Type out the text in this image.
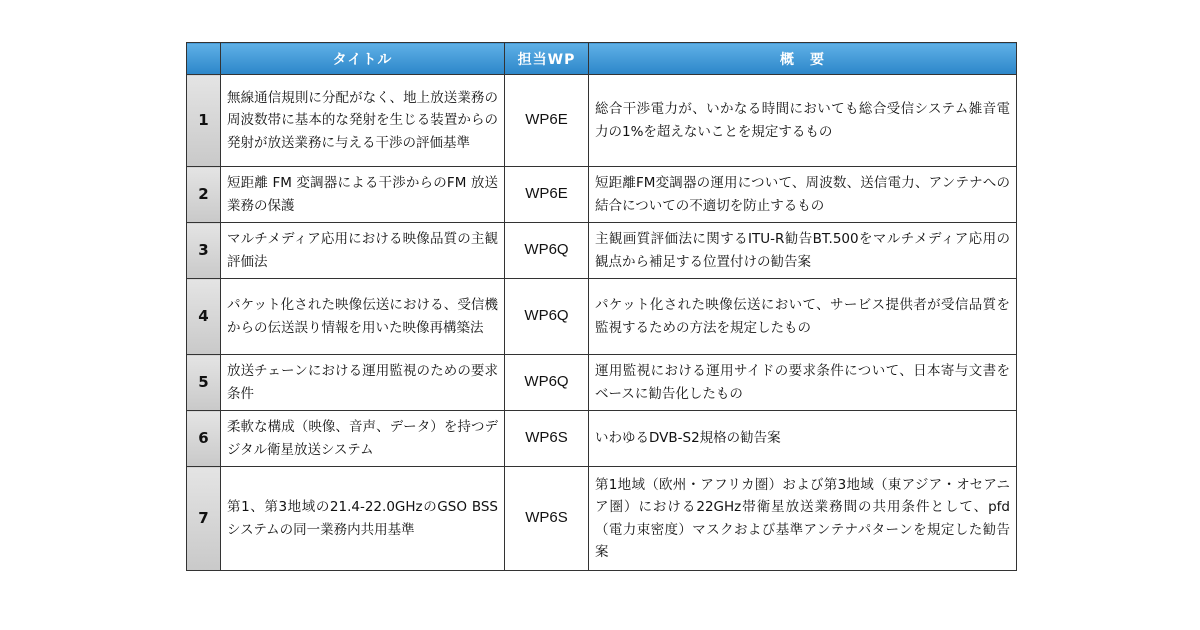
	タイトル	担当WP	概　要
1	無線通信規則に分配がなく、地上放送業務の周波数帯に基本的な発射を生じる装置からの発射が放送業務に与える干渉の評価基準	WP6E	総合干渉電力が、いかなる時間においても総合受信システム雑音電力の1%を超えないことを規定するもの
2	短距離 FM 変調器による干渉からのFM 放送業務の保護	WP6E	短距離FM変調器の運用について、周波数、送信電力、アンテナへの結合についての不適切を防止するもの
3	マルチメディア応用における映像品質の主観評価法	WP6Q	主観画質評価法に関するITU-R勧告BT.500をマルチメディア応用の観点から補足する位置付けの勧告案
4	パケット化された映像伝送における、受信機からの伝送誤り情報を用いた映像再構築法	WP6Q	パケット化された映像伝送において、サービス提供者が受信品質を監視するための方法を規定したもの
5	放送チェーンにおける運用監視のための要求条件	WP6Q	運用監視における運用サイドの要求条件について、日本寄与文書をベースに勧告化したもの
6	柔軟な構成（映像、音声、データ）を持つデジタル衛星放送システム	WP6S	いわゆるDVB-S2規格の勧告案
7	第1、第3地域の21.4-22.0GHzのGSO BSSシステムの同一業務内共用基準	WP6S	第1地域（欧州・アフリカ圏）および第3地域（東アジア・オセアニア圏）における22GHz帯衛星放送業務間の共用条件として、pfd（電力束密度）マスクおよび基準アンテナパターンを規定した勧告案
